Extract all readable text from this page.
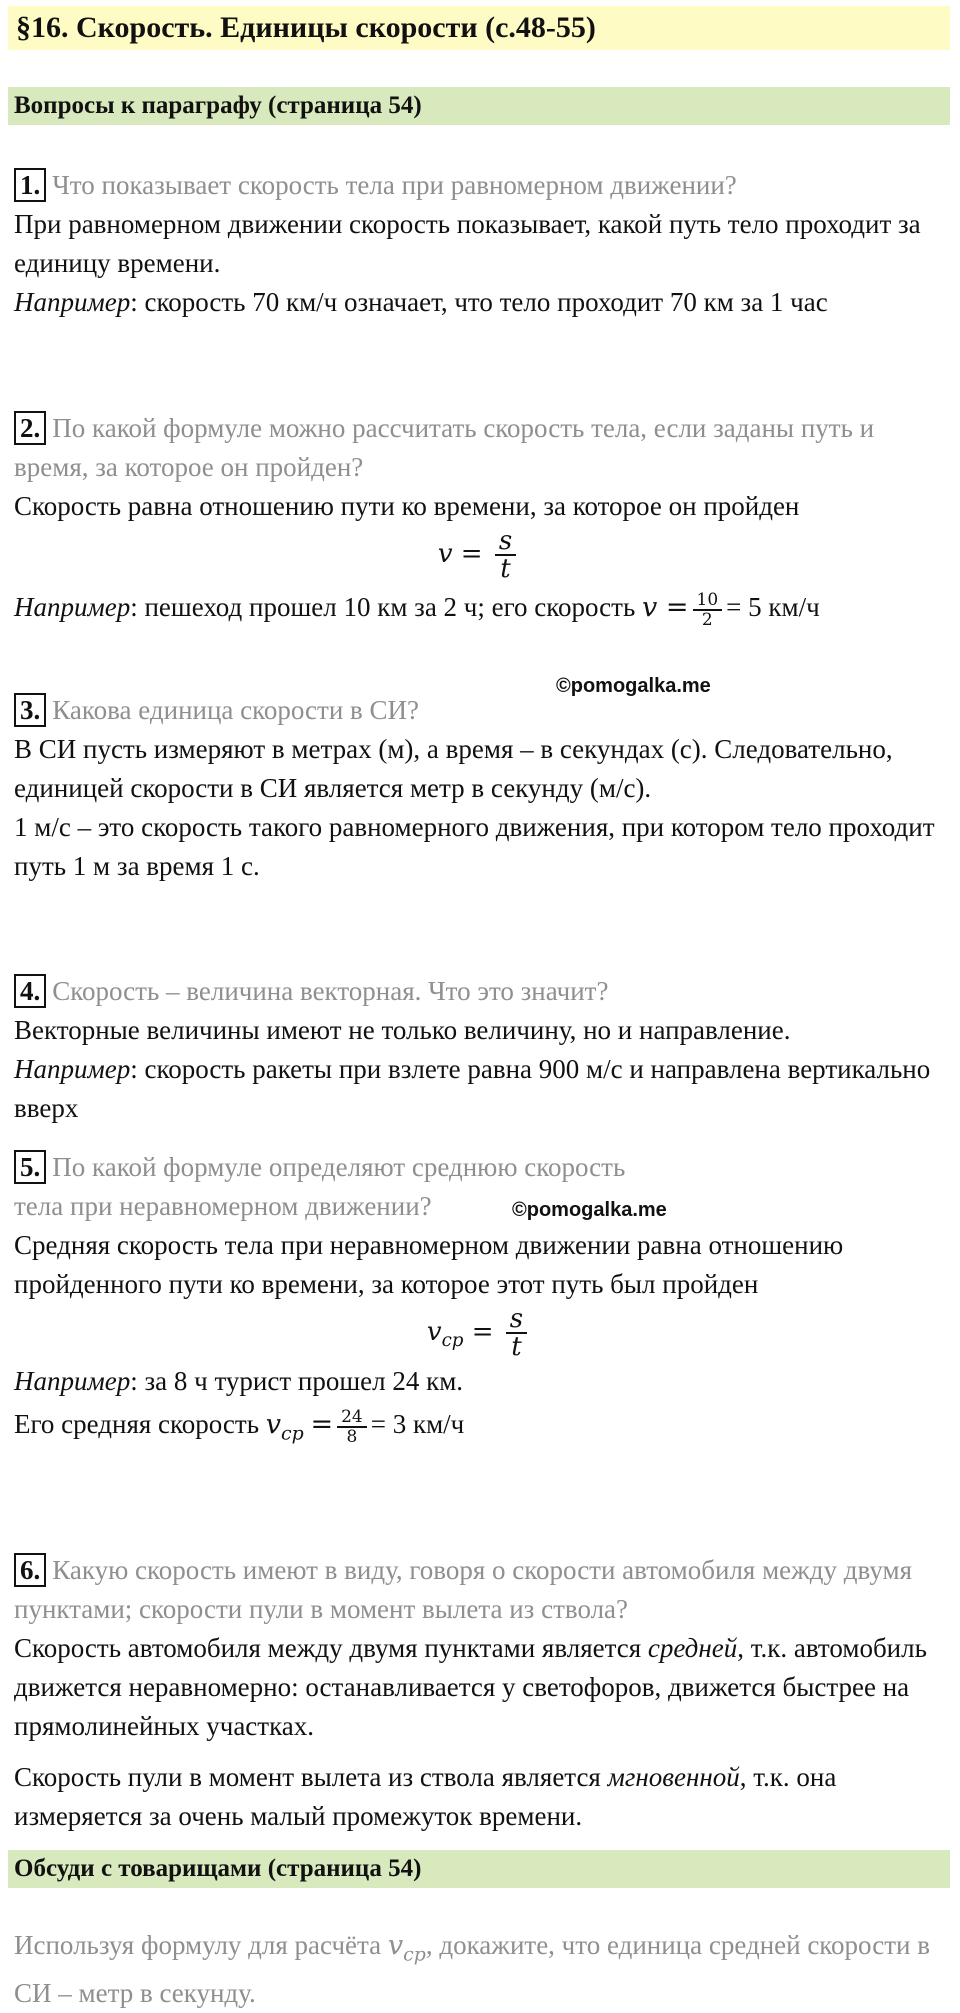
§16. Скорость. Единицы скорости (с.48-55)
Вопросы к параграфу (страница 54)
1. Что показывает скорость тела при равномерном движении?
При равномерном движении скорость показывает, какой путь тело проходит за единицу времени.
Например: скорость 70 км/ч означает, что тело проходит 70 км за 1 час
2. По какой формуле можно рассчитать скорость тела, если заданы путь и время, за которое он пройден?
Скорость равна отношению пути ко времени, за которое он пройден
$v = \frac{s}{t}$
Например: пешеход прошел 10 км за 2 ч; его скорость $v = \frac{10}{2} = 5$ км/ч
©pomogalka.me
3. Какова единица скорости в СИ?
В СИ пусть измеряют в метрах (м), а время – в секундах (с). Следовательно, единицей скорости в СИ является метр в секунду (м/с).
1 м/с – это скорость такого равномерного движения, при котором тело проходит путь 1 м за время 1 с.
4. Скорость – величина векторная. Что это значит?
Векторные величины имеют не только величину, но и направление.
Например: скорость ракеты при взлете равна 900 м/с и направлена вертикально вверх
5. По какой формуле определяют среднюю скорость тела при неравномерном движении?
Средняя скорость тела при неравномерном движении равна отношению пройденного пути ко времени, за которое этот путь был пройден
$v_{cp} = \frac{s}{t}$
Например: за 8 ч турист прошел 24 км.
Его средняя скорость $v_{cp} = \frac{24}{8} = 3$ км/ч
©pomogalka.me
6. Какую скорость имеют в виду, говоря о скорости автомобиля между двумя пунктами; скорости пули в момент вылета из ствола?
Скорость автомобиля между двумя пунктами является средней, т.к. автомобиль движется неравномерно: останавливается у светофоров, движется быстрее на прямолинейных участках.
Скорость пули в момент вылета из ствола является мгновенной, т.к. она измеряется за очень малый промежуток времени.
Обсуди с товарищами (страница 54)
Используя формулу для расчёта $v_{cp}$, докажите, что единица средней скорости в СИ – метр в секунду.
